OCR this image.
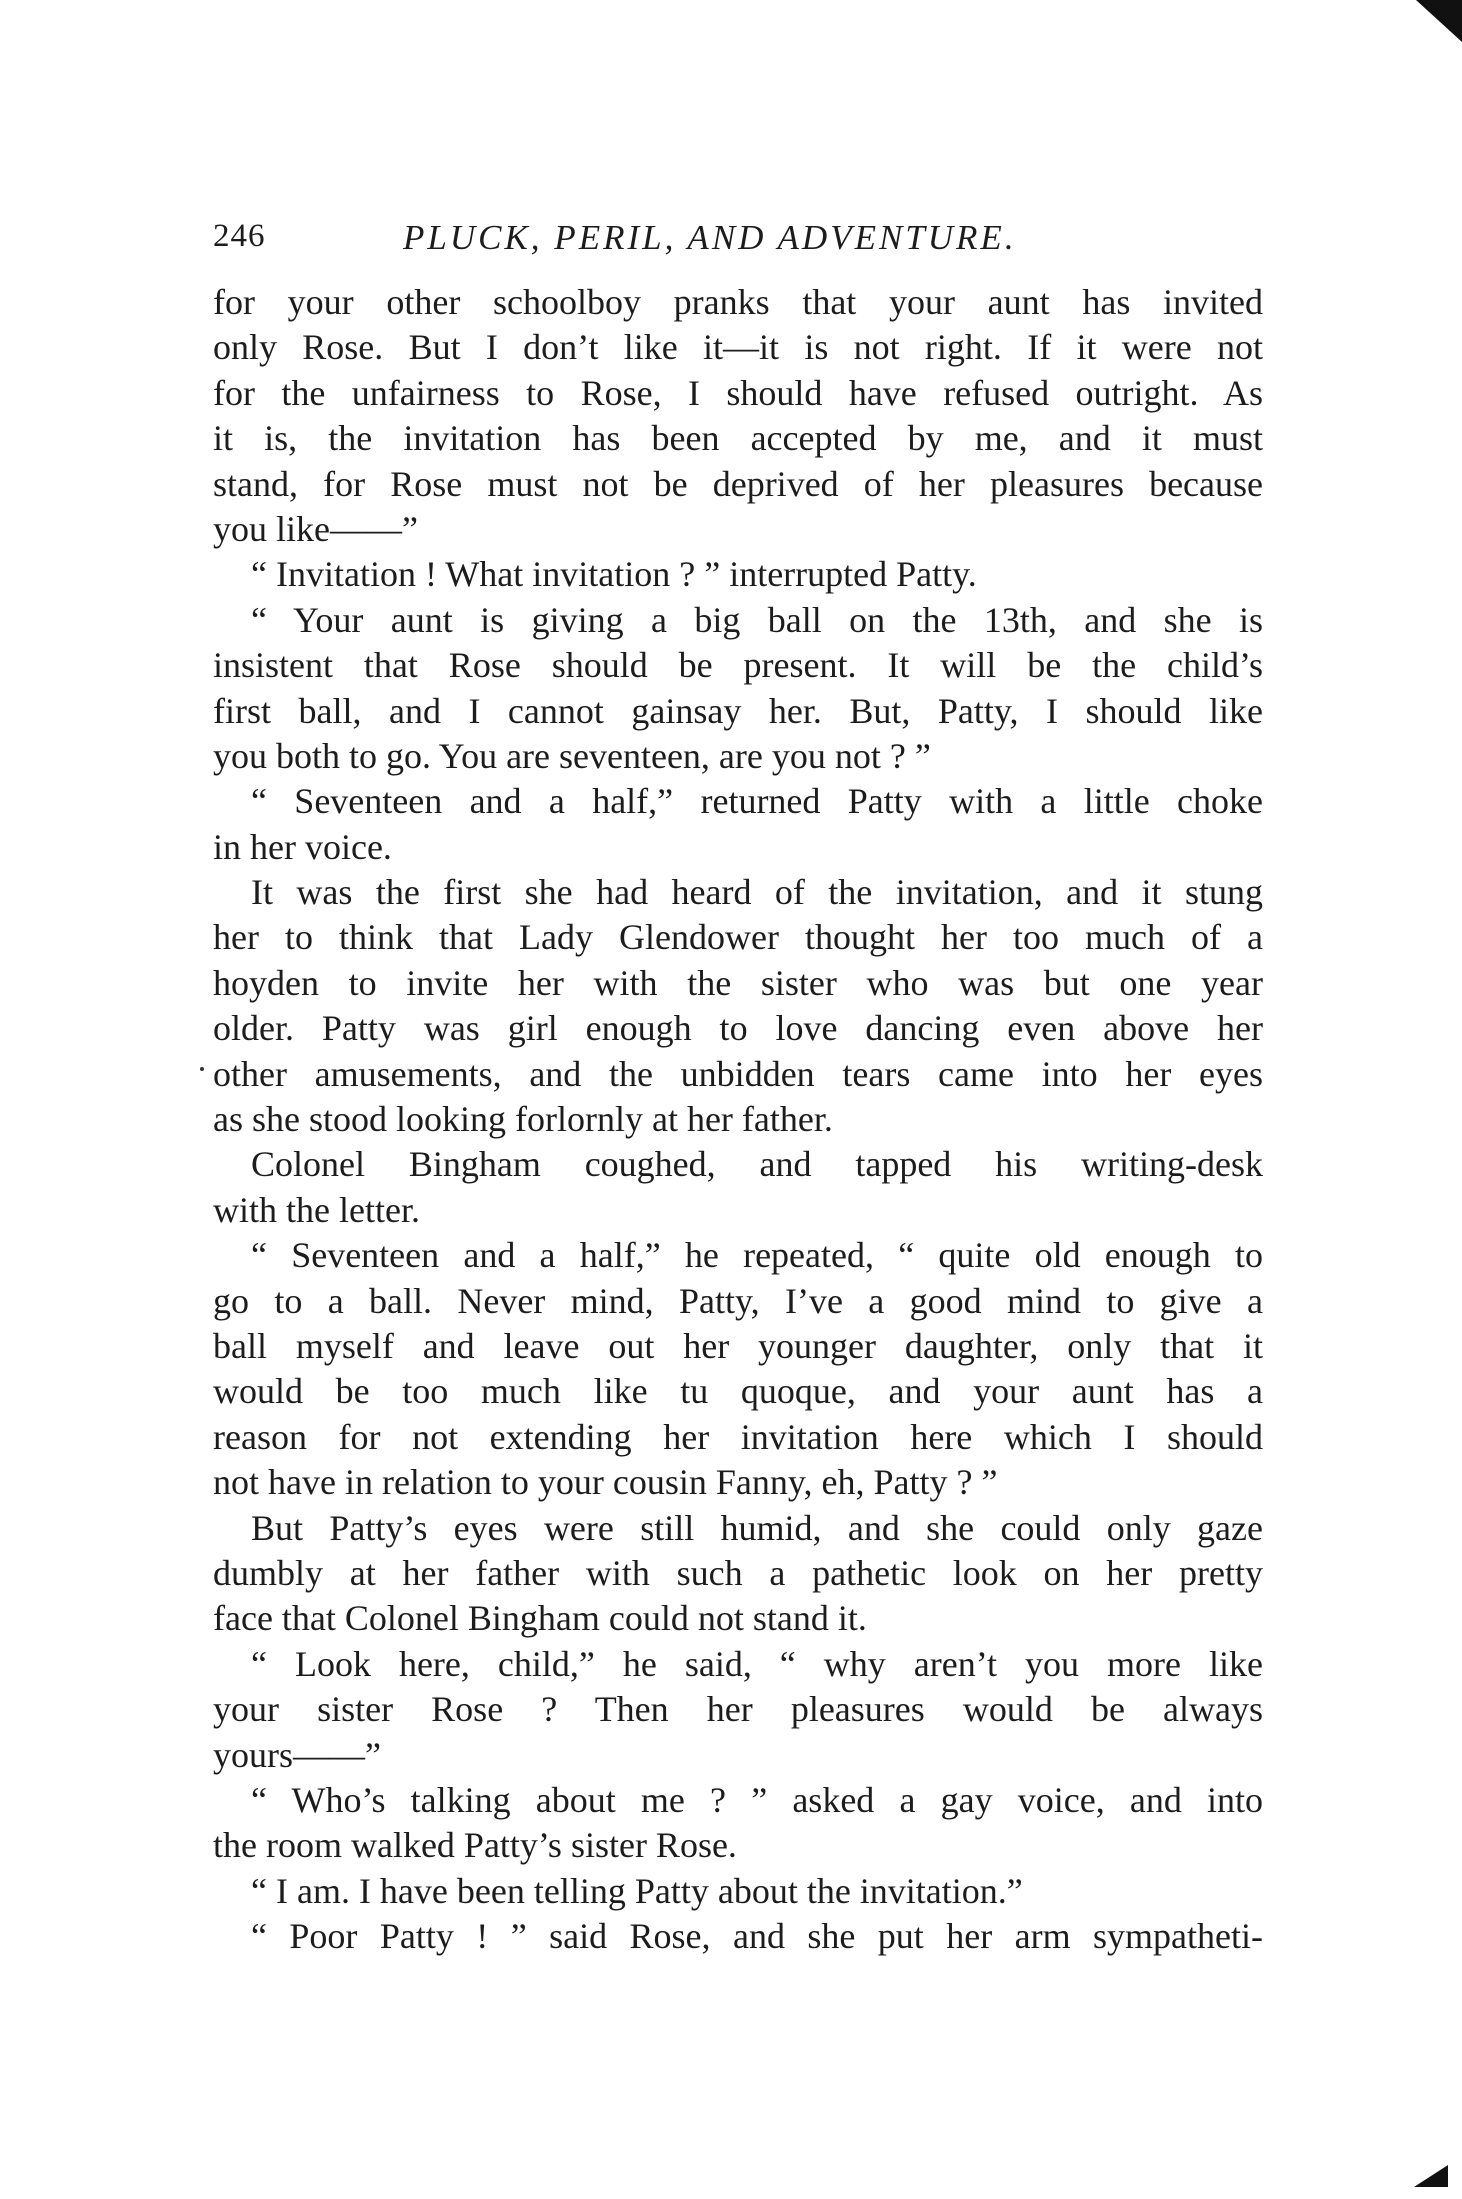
246	PLUCK, PERIL, AND ADVENTURE.
for your other schoolboy pranks that your aunt has invited
only Rose. But I don’t like it—it is not right. If it were not
for the unfairness to Rose, I should have refused outright. As
it is, the invitation has been accepted by me, and it must
stand, for Rose must not be deprived of her pleasures because
you like——”
“ Invitation ! What invitation ? ” interrupted Patty.
“ Your aunt is giving a big ball on the 13th, and she is
insistent that Rose should be present. It will be the child’s
first ball, and I cannot gainsay her. But, Patty, I should like
you both to go. You are seventeen, are you not ? ”
“ Seventeen and a half,” returned Patty with a little choke
in her voice.
It was the first she had heard of the invitation, and it stung
her to think that Lady Glendower thought her too much of a
hoyden to invite her with the sister who was but one year
older. Patty was girl enough to love dancing even above her
other amusements, and the unbidden tears came into her eyes
as she stood looking forlornly at her father.
Colonel Bingham coughed, and tapped his writing-desk
with the letter.
“ Seventeen and a half,” he repeated, “ quite old enough to
go to a ball. Never mind, Patty, I’ve a good mind to give a
ball myself and leave out her younger daughter, only that it
would be too much like tu quoque, and your aunt has a
reason for not extending her invitation here which I should
not have in relation to your cousin Fanny, eh, Patty ? ”
But Patty’s eyes were still humid, and she could only gaze
dumbly at her father with such a pathetic look on her pretty
face that Colonel Bingham could not stand it.
“ Look here, child,” he said, “ why aren’t you more like
your sister Rose ? Then her pleasures would be always
yours——”
“ Who’s talking about me ? ” asked a gay voice, and into
the room walked Patty’s sister Rose.
“ I am. I have been telling Patty about the invitation.”
“ Poor Patty ! ” said Rose, and she put her arm sympatheti-
